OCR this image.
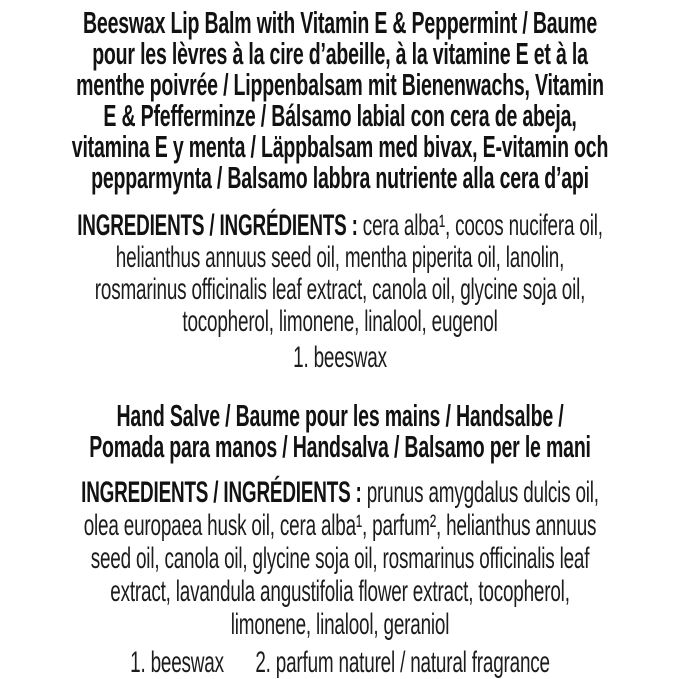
Beeswax Lip Balm with Vitamin E & Peppermint / Baume
pour les lèvres à la cire d’abeille, à la vitamine E et à la
menthe poivrée / Lippenbalsam mit Bienenwachs, Vitamin
E & Pfefferminze / Bálsamo labial con cera de abeja,
vitamina E y menta / Läppbalsam med bivax, E-vitamin och
pepparmynta / Balsamo labbra nutriente alla cera d’api
INGREDIENTS / INGRÉDIENTS : cera alba¹, cocos nucifera oil,
helianthus annuus seed oil, mentha piperita oil, lanolin,
rosmarinus officinalis leaf extract, canola oil, glycine soja oil,
tocopherol, limonene, linalool, eugenol
1. beeswax
Hand Salve / Baume pour les mains / Handsalbe /
Pomada para manos / Handsalva / Balsamo per le mani
INGREDIENTS / INGRÉDIENTS : prunus amygdalus dulcis oil,
olea europaea husk oil, cera alba¹, parfum², helianthus annuus
seed oil, canola oil, glycine soja oil, rosmarinus officinalis leaf
extract, lavandula angustifolia flower extract, tocopherol,
limonene, linalool, geraniol
1. beeswax 2. parfum naturel / natural fragrance
